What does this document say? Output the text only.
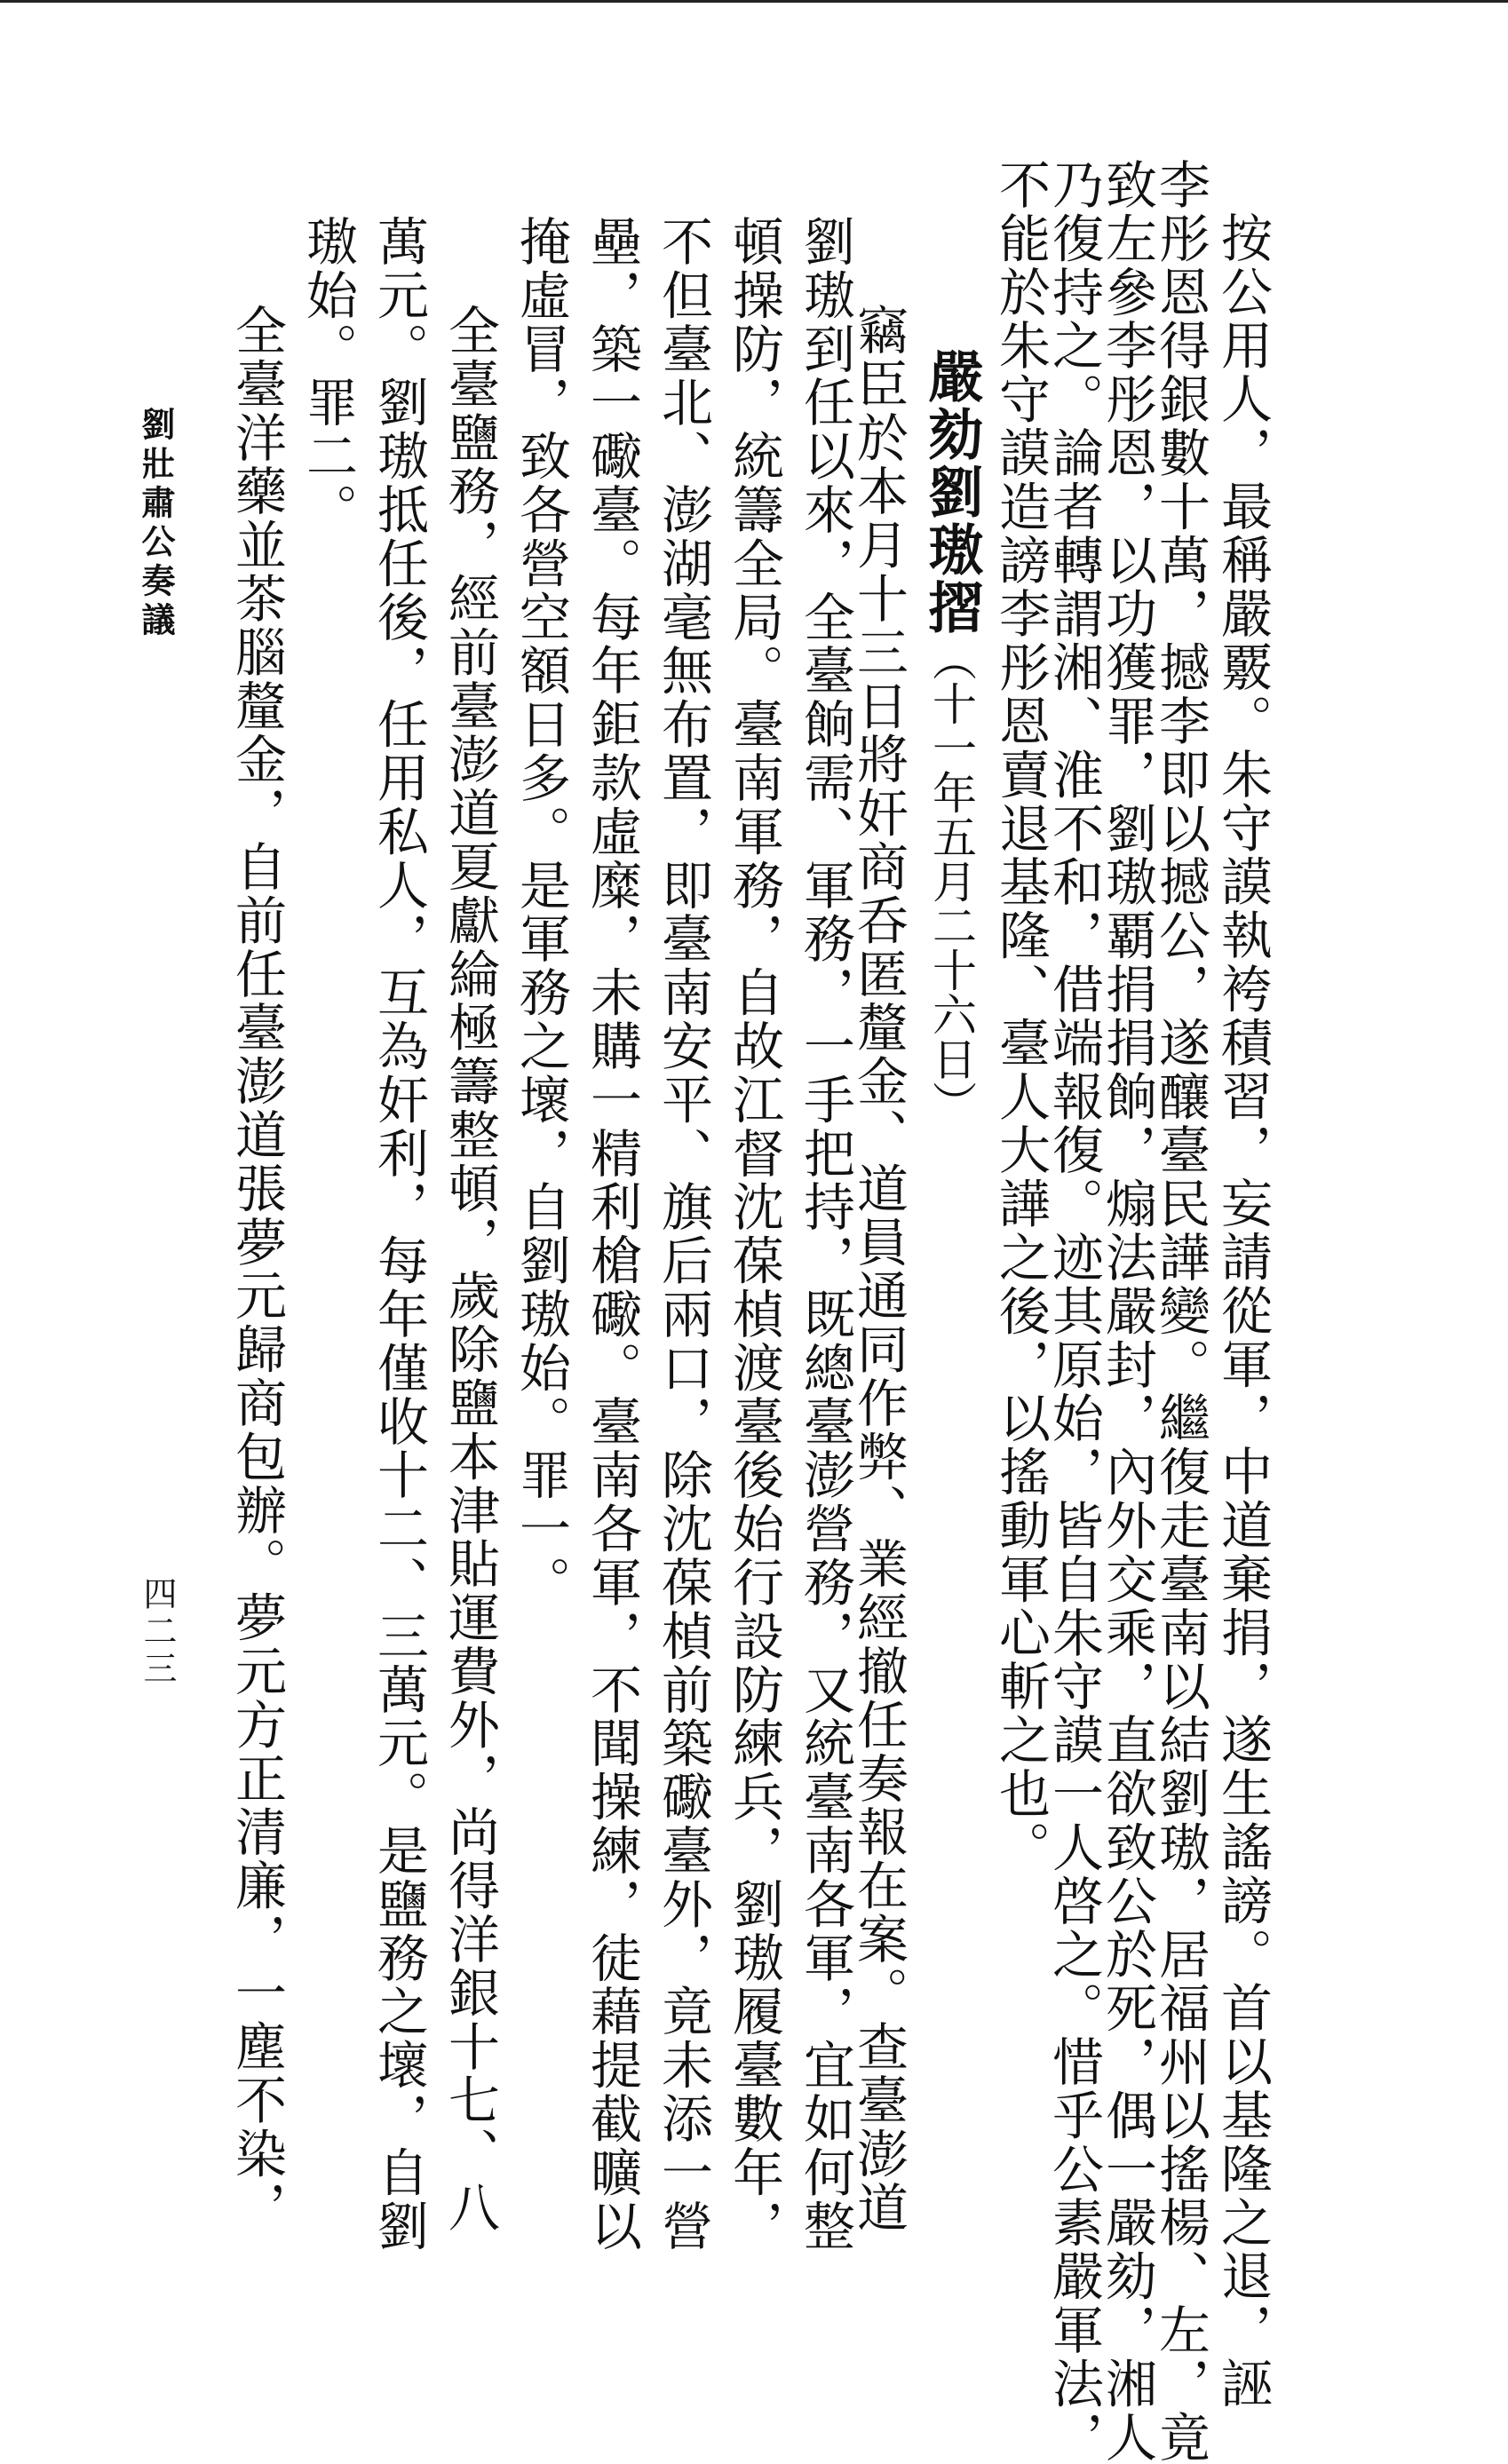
按公用人，最稱嚴覈。朱守謨執袴積習，妄請從軍，中道棄捐，遂生謠謗。首以基隆之退，誣
李彤恩得銀數十萬，撼李即以撼公，遂釀臺民譁變。繼復走臺南以結劉璈，居福州以搖楊、左，竟
致左參李彤恩，以功獲罪，劉璈覇捐捐餉，煽法嚴封，內外交乘，直欲致公於死，偶一嚴劾，湘人
乃復持之。論者轉謂湘、淮不和，借端報復。迹其原始，皆自朱守謨一人啓之。惜乎公素嚴軍法，
不能於朱守謨造謗李彤恩賣退基隆、臺人大譁之後，以搖動軍心斬之也。
嚴劾劉璈摺（十一年五月二十六日）
竊臣於本月十三日將奸商呑匿釐金、道員通同作弊、業經撤任奏報在案。查臺澎道
劉璈到任以來，全臺餉需、軍務，一手把持，既總臺澎營務，又統臺南各軍，宜如何整
頓操防，統籌全局。臺南軍務，自故江督沈葆楨渡臺後始行設防練兵，劉璈履臺數年，
不但臺北、澎湖毫無布置，即臺南安平、旗后兩口，除沈葆楨前築礮臺外，竟未添一營
壘，築一礮臺。每年鉅款虛糜，未購一精利槍礮。臺南各軍，不聞操練，徒藉提截曠以
掩虛冒，致各營空額日多。是軍務之壞，自劉璈始。罪一。
全臺鹽務，經前臺澎道夏獻綸極籌整頓，歲除鹽本津貼運費外，尚得洋銀十七、八
萬元。劉璈抵任後，任用私人，互為奸利，每年僅收十二、三萬元。是鹽務之壞，自劉
璈始。罪二。
全臺洋藥並茶腦釐金，自前任臺澎道張夢元歸商包辦。夢元方正清廉，一塵不染，
劉壯肅公奏議
四二三
